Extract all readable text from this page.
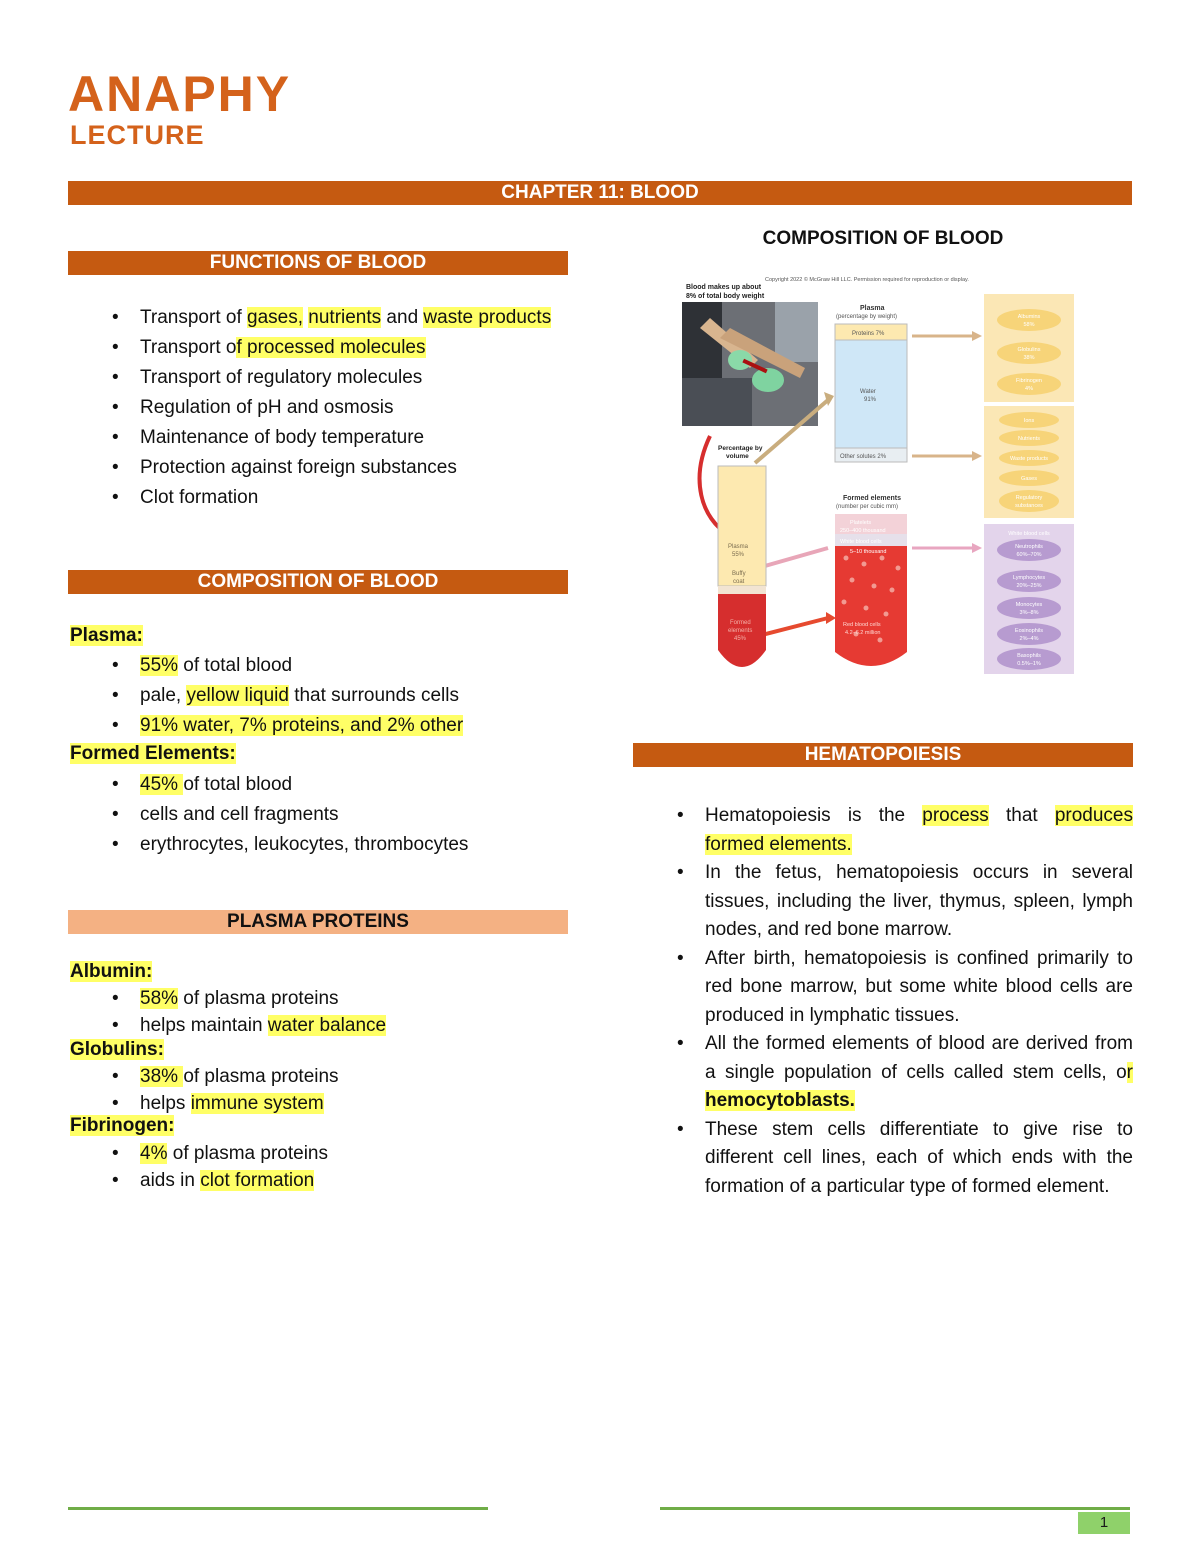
ANAPHY
LECTURE
CHAPTER 11: BLOOD
FUNCTIONS OF BLOOD
• Transport of gases, nutrients and waste products
• Transport of processed molecules
• Transport of regulatory molecules
• Regulation of pH and osmosis
• Maintenance of body temperature
• Protection against foreign substances
• Clot formation
COMPOSITION OF BLOOD
Plasma:
• 55% of total blood
• pale, yellow liquid that surrounds cells
• 91% water, 7% proteins, and 2% other
Formed Elements:
• 45% of total blood
• cells and cell fragments
• erythrocytes, leukocytes, thrombocytes
PLASMA PROTEINS
Albumin:
• 58% of plasma proteins
• helps maintain water balance
Globulins:
• 38% of plasma proteins
• helps immune system
Fibrinogen:
• 4% of plasma proteins
• aids in clot formation
COMPOSITION OF BLOOD
Copyright 2022 © McGraw Hill LLC. Permission required for reproduction or display.
Blood makes up about
8% of total body weight
Percentage by
volume
Plasma
55%
Buffy
coat
Formed
elements
45%
Plasma
(percentage by weight)
Proteins 7%
Water
91%
Other solutes 2%
Formed elements
(number per cubic mm)
Platelets
250–400 thousand
White blood cells
5–10 thousand
Red blood cells
4.2–6.2 million
Albumins
58%
Globulins
38%
Fibrinogen
4%
Ions
Nutrients
Waste products
Gases
Regulatory
substances
White blood cells
Neutrophils
60%–70%
Lymphocytes
20%–25%
Monocytes
3%–8%
Eosinophils
2%–4%
Basophils
0.5%–1%
HEMATOPOIESIS
• Hematopoiesis is the process that produces formed elements.
• In the fetus, hematopoiesis occurs in several tissues, including the liver, thymus, spleen, lymph nodes, and red bone marrow.
• After birth, hematopoiesis is confined primarily to red bone marrow, but some white blood cells are produced in lymphatic tissues.
• All the formed elements of blood are derived from a single population of cells called stem cells, or hemocytoblasts.
• These stem cells differentiate to give rise to different cell lines, each of which ends with the formation of a particular type of formed element.
1
